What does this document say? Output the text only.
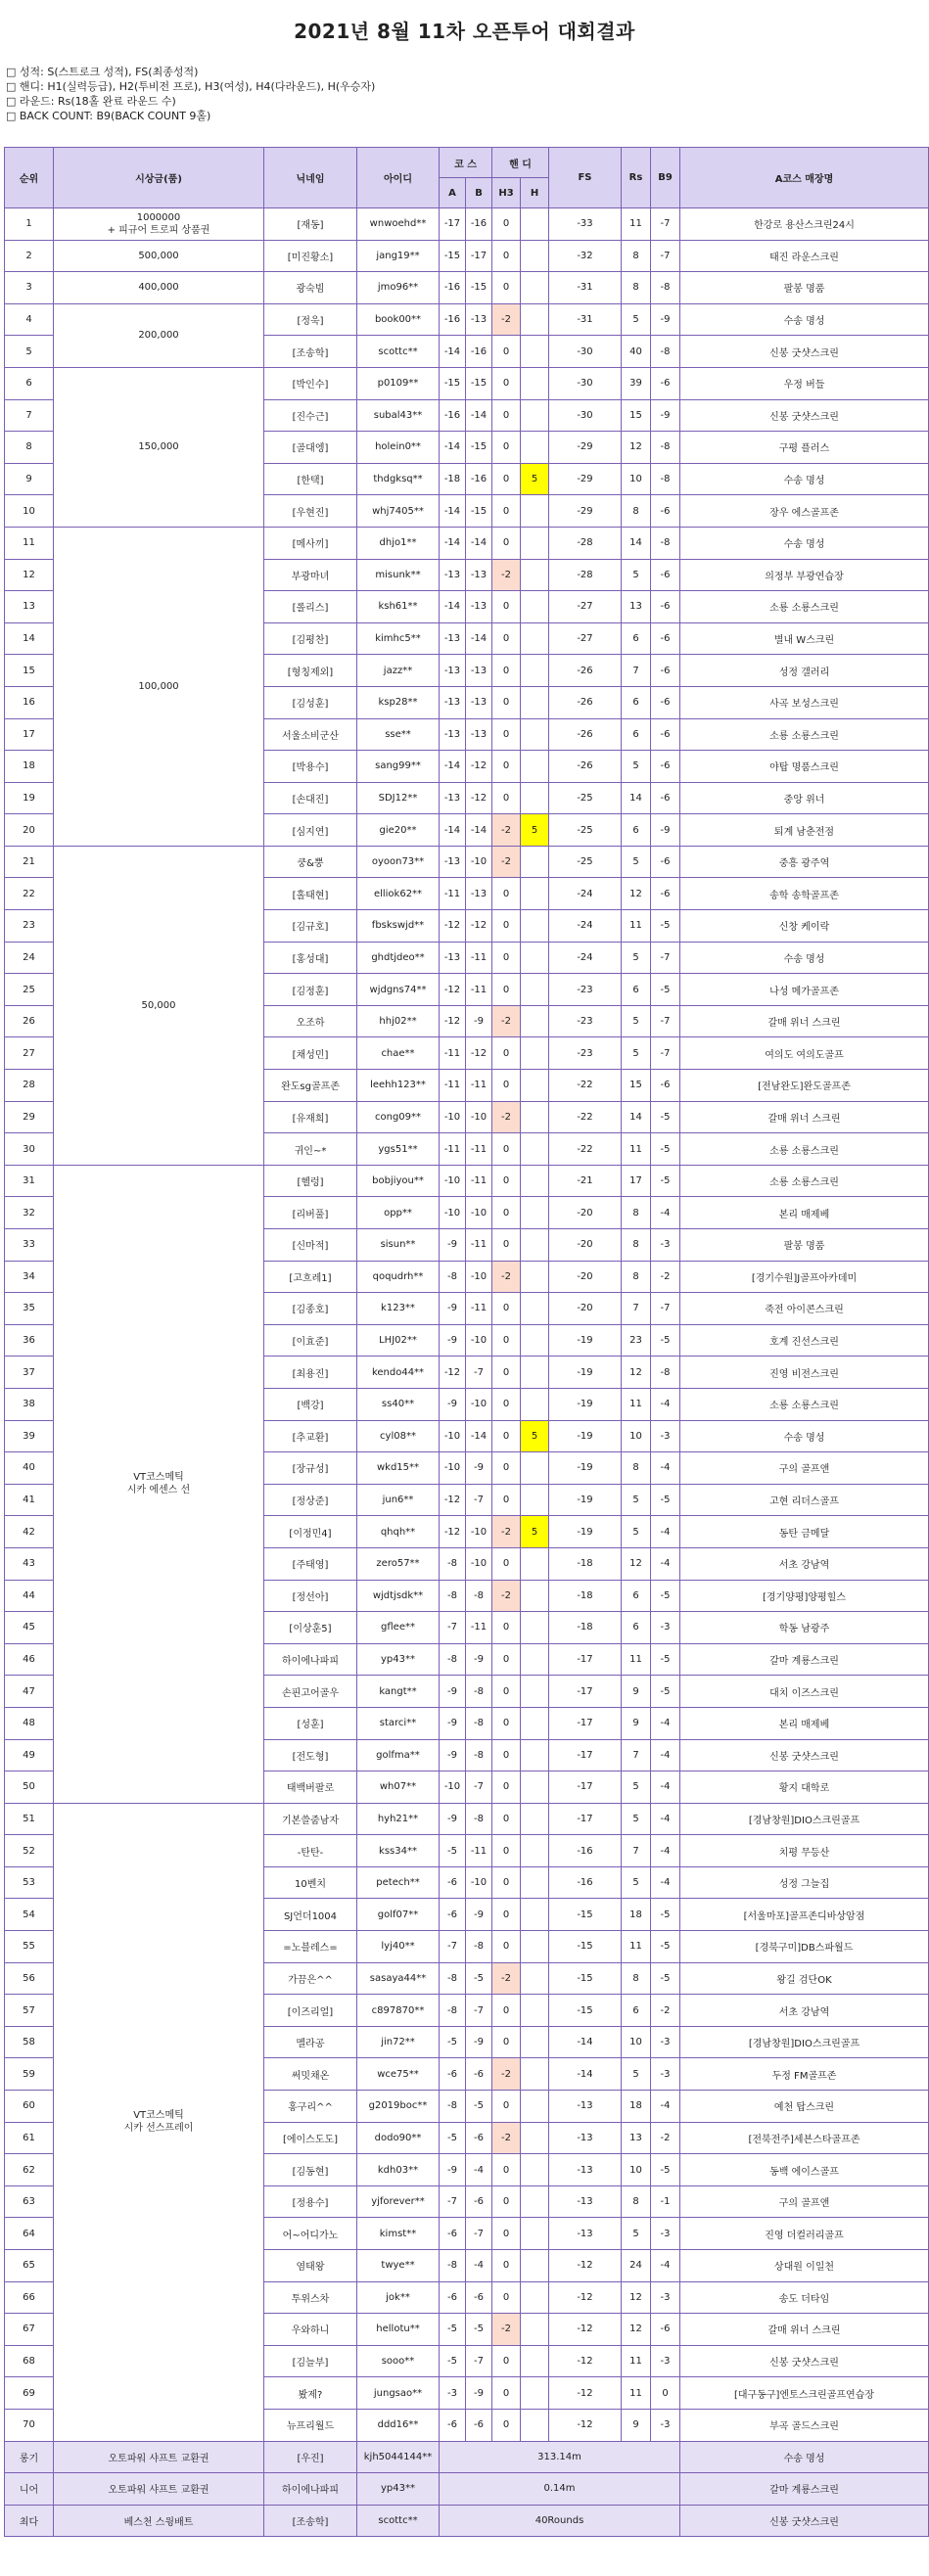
2021년 8월 11차 오픈투어 대회결과
□ 성적: S(스트로크 성적), FS(최종성적)
□ 핸디: H1(실력등급), H2(투비전 프로), H3(여성), H4(다라운드), H(우승자)
□ 라운드: Rs(18홀 완료 라운드 수)
□ BACK COUNT: B9(BACK COUNT 9홀)
순위	시상금(품)	닉네임	아이디	코 스		핸 디		FS	Rs	B9	A코스 매장명
				A	B	H3	H				
1	1000000
+ 피규어 트로피 상품권	[재동]	wnwoehd**	-17	-16	0		-33	11	-7	한강로 용산스크린24시
2	500,000	[미진황소]	jang19**	-15	-17	0		-32	8	-7	태진 라운스크린
3	400,000	광숙빔	jmo96**	-16	-15	0		-31	8	-8	팔봉 명품
4	200,000	[정욱]	book00**	-16	-13	-2		-31	5	-9	수송 명성
5		[조송학]	scottc**	-14	-16	0		-30	40	-8	신봉 굿샷스크린
6	150,000	[박인수]	p0109**	-15	-15	0		-30	39	-6	우정 버들
7		[진수근]	subal43**	-16	-14	0		-30	15	-9	신봉 굿샷스크린
8		[골대엥]	holein0**	-14	-15	0		-29	12	-8	구평 플러스
9		[한택]	thdgksq**	-18	-16	0	5	-29	10	-8	수송 명성
10		[우현진]	whj7405**	-14	-15	0		-29	8	-6	장우 에스골프존
11	100,000	[메사끼]	dhjo1**	-14	-14	0		-28	14	-8	수송 명성
12		부광마녀	misunk**	-13	-13	-2		-28	5	-6	의정부 부광연습장
13		[롤리스]	ksh61**	-14	-13	0		-27	13	-6	소룡 소룡스크린
14		[김평찬]	kimhc5**	-13	-14	0		-27	6	-6	별내 W스크린
15		[형칭제외]	jazz**	-13	-13	0		-26	7	-6	성정 갤러리
16		[김성훈]	ksp28**	-13	-13	0		-26	6	-6	사곡 보성스크린
17		서울소비군산	sse**	-13	-13	0		-26	6	-6	소룡 소룡스크린
18		[박용수]	sang99**	-14	-12	0		-26	5	-6	야탑 명품스크린
19		[손대진]	SDJ12**	-13	-12	0		-25	14	-6	중앙 위너
20		[심지연]	gie20**	-14	-14	-2	5	-25	6	-9	퇴계 남춘전점
21	50,000	쿵&뿡	oyoon73**	-13	-10	-2		-25	5	-6	중흥 광주역
22		[홀태현]	elliok62**	-11	-13	0		-24	12	-6	송학 송학골프존
23		[김규호]	fbskswjd**	-12	-12	0		-24	11	-5	신창 케이락
24		[홍성대]	ghdtjdeo**	-13	-11	0		-24	5	-7	수송 명성
25		[김정훈]	wjdgns74**	-12	-11	0		-23	6	-5	나성 메가골프존
26		오조하	hhj02**	-12	-9	-2		-23	5	-7	갈매 위너 스크린
27		[채성민]	chae**	-11	-12	0		-23	5	-7	여의도 여의도골프
28		완도sg골프존	leehh123**	-11	-11	0		-22	15	-6	[전남완도]완도골프존
29		[유재희]	cong09**	-10	-10	-2		-22	14	-5	갈매 위너 스크린
30		귀인~*	ygs51**	-11	-11	0		-22	11	-5	소룡 소룡스크린
31	VT코스메틱
시카 에센스 선	[헬렁]	bobjiyou**	-10	-11	0		-21	17	-5	소룡 소룡스크린
32		[리버풀]	opp**	-10	-10	0		-20	8	-4	본리 매제베
33		[신마적]	sisun**	-9	-11	0		-20	8	-3	팔봉 명품
34		[고흐레1]	qoqudrh**	-8	-10	-2		-20	8	-2	[경기수원]J골프아카데미
35		[김종호]	k123**	-9	-11	0		-20	7	-7	죽전 아이콘스크린
36		[이효준]	LHJ02**	-9	-10	0		-19	23	-5	호계 진선스크린
37		[최용진]	kendo44**	-12	-7	0		-19	12	-8	진영 비전스크린
38		[백강]	ss40**	-9	-10	0		-19	11	-4	소룡 소룡스크린
39		[추교환]	cyl08**	-10	-14	0	5	-19	10	-3	수송 명성
40		[장규성]	wkd15**	-10	-9	0		-19	8	-4	구의 골프앤
41		[정상준]	jun6**	-12	-7	0		-19	5	-5	고현 리더스골프
42		[이정민4]	qhqh**	-12	-10	-2	5	-19	5	-4	동탄 금메달
43		[주태영]	zero57**	-8	-10	0		-18	12	-4	서초 강남역
44		[정선아]	wjdtjsdk**	-8	-8	-2		-18	6	-5	[경기양평]양평힐스
45		[이상훈5]	gflee**	-7	-11	0		-18	6	-3	학동 남광주
46		하이에나파피	yp43**	-8	-9	0		-17	11	-5	갈마 계룡스크린
47		손핀고어골우	kangt**	-9	-8	0		-17	9	-5	대치 이즈스크린
48		[성훈]	starci**	-9	-8	0		-17	9	-4	본리 매제베
49		[전도형]	golfma**	-9	-8	0		-17	7	-4	신봉 굿샷스크린
50		태백버팔로	wh07**	-10	-7	0		-17	5	-4	황지 대학로
51	VT코스메틱
시카 선스프레이	기본쓸줌남자	hyh21**	-9	-8	0		-17	5	-4	[경남창원]DIO스크린골프
52		-탄탄-	kss34**	-5	-11	0		-16	7	-4	치평 무등산
53		10벤치	petech**	-6	-10	0		-16	5	-4	성정 그늘집
54		SJ언더1004	golf07**	-6	-9	0		-15	18	-5	[서울마포]골프존디바상암점
55		=노블레스=	lyj40**	-7	-8	0		-15	11	-5	[경북구미]DB스파월드
56		가끔은^^	sasaya44**	-8	-5	-2		-15	8	-5	왕길 검단OK
57		[이즈리얼]	c897870**	-8	-7	0		-15	6	-2	서초 강남역
58		멜라공	jin72**	-5	-9	0		-14	10	-3	[경남창원]DIO스크린골프
59		써밋채온	wce75**	-6	-6	-2		-14	5	-3	두정 FM골프존
60		홍구리^^	g2019boc**	-8	-5	0		-13	18	-4	예천 탑스크린
61		[에이스도도]	dodo90**	-5	-6	-2		-13	13	-2	[전북전주]세븐스타골프존
62		[김동현]	kdh03**	-9	-4	0		-13	10	-5	동백 에이스골프
63		[정용수]	yjforever**	-7	-6	0		-13	8	-1	구의 골프앤
64		어~어디가노	kimst**	-6	-7	0		-13	5	-3	진영 더컬러리골프
65		염태왕	twye**	-8	-4	0		-12	24	-4	상대원 이일천
66		투위스차	jok**	-6	-6	0		-12	12	-3	송도 더타임
67		우와하니	hellotu**	-5	-5	-2		-12	12	-6	갈매 위너 스크린
68		[김늘부]	sooo**	-5	-7	0		-12	11	-3	신봉 굿샷스크린
69		봤제?	jungsao**	-3	-9	0		-12	11	0	[대구동구]엔토스크린골프연습장
70		뉴프리월드	ddd16**	-6	-6	0		-12	9	-3	부곡 골드스크린
롱기	오토파워 샤프트 교환권	[우진]	kjh5044144**	313.14m							수송 명성
니어	오토파워 샤프트 교환권	하이에나파피	yp43**	0.14m							갈마 계룡스크린
최다	베스천 스윙배트	[조송학]	scottc**	40Rounds							신봉 굿샷스크린
